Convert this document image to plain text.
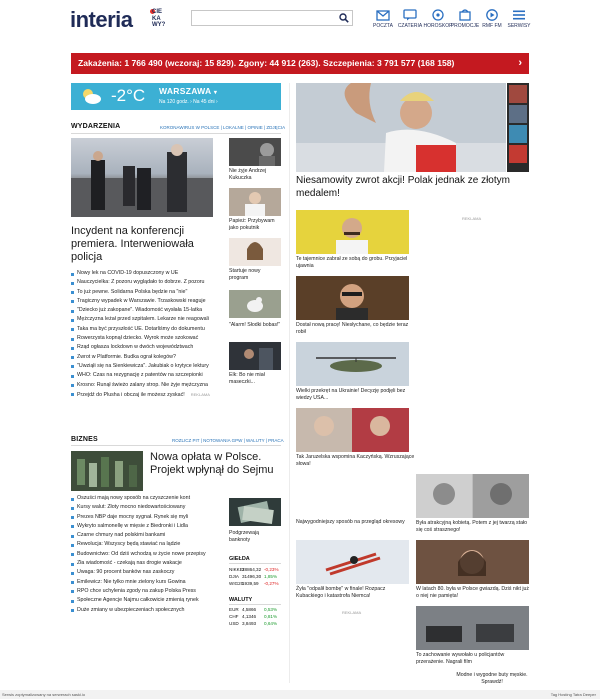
interia	CIE
KA
WY?	POCZTA CZATERIA HOROSKOP
PROMOCJE RMF FM	SERWISY
Zakażenia: 1 766 490 (wczoraj: 15 829). Zgony: 44 912 (263). Szczepienia: 3 791 577 (168 158)	›
-2°C WARSZAWA ▾
Na 120 godz. › Na 45 dni ›
WYDARZENIA	KORONAWIRUS W POLSCE | LOKALNE | OPINIE | ZDJĘCIA
Incydent na konferencji premiera. Interweniowała policja
Nowy lek na COVID-19 dopuszczony w UE
Nauczycielka: Z pozoru wyglądało to dobrze. Z pozoru
To już pewne. Solidarna Polska będzie na "nie"
Tragiczny wypadek w Warszawie. Trzaskowski reaguje
"Dziecko już zakopane". Wiadomość wysłała 15-latka
Mężczyzna leżał przed szpitalem. Lekarze nie reagowali
Taka ma być przyszłość UE. Dotarliśmy do dokumentu
Rowerzysta kopnął dziecko. Wyrok może szokować
Rząd ogłasza lockdown w dwóch województwach
Zwrot w Platformie. Budka ograł kolegów?
"Uwziąłi się na Sienkiewicza". Jakubiak o krytyce lektury
WHO: Czas na rezygnację z patentów na szczepionki
Krosno: Runął świeżo zalany strop. Nie żyje mężczyzna
Przejdź do Plusha i obczaj ile możesz zyskać! REKLAMA
Nie żyje Andrzej Kukuczka
Papież: Przybywam jako pokutnik
Startuje nowy program
"Alarm! Słodki bobas!"
Elk: Bo nie miał maseczki...
BIZNES	ROZLICZ PIT | NOTOWANIA GPW | WALUTY | PRACA
Nowa opłata w Polsce. Projekt wpłynął do Sejmu
Oszuści mają nowy sposób na czyszczenie kont
Kursy walut: Złoty mocno niedowartościowany
Prezes NBP daje mocny sygnał. Rynek się myli
Wykryto salmonellę w mięsie z Biedronki i Lidla
Czarne chmury nad polskimi bankami
Rewolucja: Wszyscy będą stawiać na lądzie
Budownictwo: Od dziś wchodzą w życie nowe przepisy
Zła wiadomość - czekają nas drogie wakacje
Uwaga: 90 procent banków nas zaskoczy
Emilewicz: Nie tylko mnie zielony kurs Gowina
RPO chce uchylenia zgody na zakup Polska Press
Społeczne Agencje Najmu całkowicie zmienią rynek
Duże zmiany w ubezpieczeniach społecznych
Podgrzewają banknoty
GIEŁDA
NIKKEI28864,32 -0,23%
DJIA 31496,30 1,85%
WIG201939,59 -0,27%
WALUTY
EUR 4,5866 0,53%
CHF 4,1346 0,81%
USD 3,8493 0,64%
Niesamowity zwrot akcji! Polak jednak ze złotym medalem!
Te tajemnice zabrał ze sobą do grobu. Przyjaciel ujawnia
Dostał nową pracę! Niesłychane, co będzie teraz robił
Wielki przekręt na Ukrainie! Decyzję podjęli bez wiedzy USA...
Tak Jaruzelska wspomina Kaczyńską. Wzruszające słowa!
REKLAMA
Najwygodniejszy sposób na przegląd okresowy
Żyła "odpalił bombę" w finale! Rozpacz Kubackiego i katastrofa Niemca!
REKLAMA
Była atrakcyjną kobietą. Potem z jej twarzą stało się coś strasznego!
W latach 80. była w Polsce gwiazdą. Dziś nikt już o niej nie pamięta!
To zachowanie wywołało u policjantów przerażenie. Nagrali film
Modne i wygodne buty męskie. Sprawdź!
Serwis zoptymalizowany na serwerach saski.io	Tag Hosting Tatra Deeper
